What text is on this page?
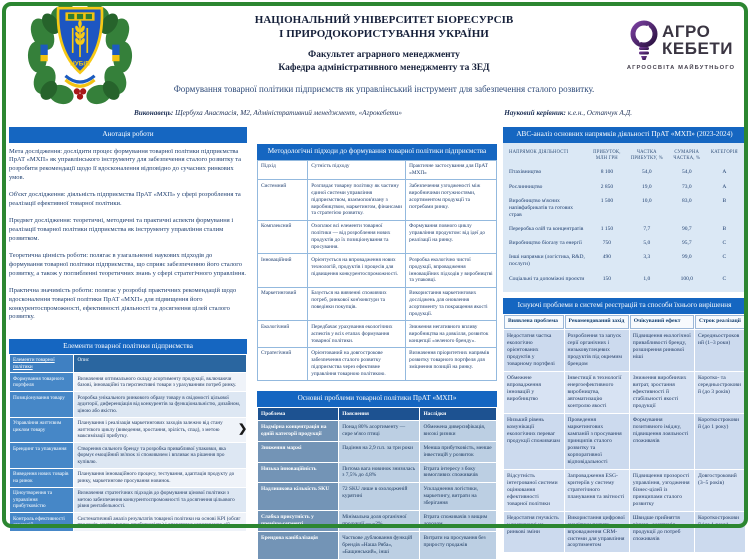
НУБіП
НАЦІОНАЛЬНИЙ УНІВЕРСИТЕТ БІОРЕСУРСІВ
І ПРИРОДОКОРИСТУВАННЯ УКРАЇНИ
Факультет аграрного менеджменту
Кафедра адміністративного менеджменту та ЗЕД
Формування товарної політики підприємств як управлінський інструмент для забезпечення сталого розвитку.
АГРО
КЕБЕТИ
АГРООСВІТА МАЙБУТНЬОГО
Виконавець: Щербуха Анастасія, М2, Адміністративний менеджмент, «Агрокебети»	Науковий керівник: к.е.н., Остапчук А.Д.
Анотація роботи

Мета дослідження: дослідити процес формування товарної політики підприємства ПрАТ «МХП» як управлінського інструменту для забезпечення сталого розвитку та розробити рекомендації щодо її вдосконалення відповідно до сучасних ринкових умов.

Об'єкт дослідження: діяльність підприємства ПрАТ «МХП» у сфері розроблення та реалізації ефективної товарної політики.

Предмет дослідження: теоретичні, методичні та практичні аспекти формування і реалізації товарної політики підприємства як інструменту управління сталим розвитком.

Теоретична цінність роботи: полягає в узагальненні наукових підходів до формування товарної політики підприємства, що сприяє забезпеченню його сталого розвитку, а також у поглибленні теоретичних знань у сфері стратегічного управління.

Практична значимість роботи: полягає у розробці практичних рекомендацій щодо вдосконалення товарної політики ПрАТ «МХП» для підвищення його конкурентоспроможності, ефективності діяльності та досягнення цілей сталого розвитку.

Елементи товарної політики підприємства
Елементи товарної політики	Опис
Формування товарного портфеля	Визначення оптимального складу асортименту продукції, включаючи базові, інноваційні та перспективні товари з урахуванням потреб ринку.
Позиціонування товару	Розробка унікального ринкового образу товару в свідомості цільової аудиторії, диференціація від конкурентів за функціональністю, дизайном, ціною або якістю.
Управління життєвим циклом товару	Планування і реалізація маркетингових заходів залежно від стану життєвого циклу (виведення, зростання, зрілість, спад), з метою максимізації прибутку.
Брендинг та упакування	Створення сильного бренду та розробка привабливої упаковки, яка формує емоційний зв'язок зі споживачем і впливає на рішення про купівлю.
Виведення нових товарів на ринок	Планування інноваційного процесу, тестування, адаптація продукту до ринку, маркетингове просування новинок.
Ціноутворення та управління прибутковістю	Визначення стратегічних підходів до формування цінової політики з метою забезпечення конкурентоспроможності та досягнення цільового рівня рентабельності.
Контроль ефективності стратегій	Систематичний аналіз результатів товарної політики на основі KPI (обсяг продажів, частка ринку, прибутковість) і оперативне коригування дій.
Методологічні підходи до формування товарної політики підприємства
Підхід	Сутність підходу	Практичне застосування для ПрАТ «МХП»
Системний	Розглядає товарну політику як частину єдиної системи управління підприємством, взаємопов'язану з виробництвом, маркетингом, фінансами та стратегією розвитку.	Забезпечення узгодженості між виробничими потужностями, асортиментом продукції та потребами ринку.
Комплексний	Охоплює всі елементи товарної політики — від розроблення нових продуктів до їх позиціонування та просування.	Формування повного циклу управління продуктом: від ідеї до реалізації на ринку.
Інноваційний	Орієнтується на впровадження нових технологій, продуктів і процесів для підвищення конкурентоспроможності.	Розробка екологічно чистої продукції, впровадження інноваційних підходів у виробництві та упаковці.
Маркетинговий	Базується на вивченні споживчих потреб, ринкової кон'юнктури та поведінки покупців.	Використання маркетингових досліджень для оновлення асортименту та покращення якості продукції.
Екологічний	Передбачає урахування екологічних аспектів у всіх етапах формування товарної політики.	Зниження негативного впливу виробництва на довкілля, розвиток концепції «зеленого бренду».
Стратегічний	Орієнтований на довгострокове забезпечення сталого розвитку підприємства через ефективне управління товарною політикою.	Визначення пріоритетних напрямів розвитку товарного портфеля для зміцнення позицій на ринку.
Основні проблеми товарної політики ПрАТ «МХП»
Проблема	Пояснення	Наслідки
Надмірна концентрація на одній категорії продукції	Понад 80% асортименту — сире м'ясо птиці	Обмежена диверсифікація, високі ризики
Зниження маржі	Падіння на 2,9 п.п. за три роки	Менша прибутковість, менше інвестицій у розвиток
Низька інноваційність	Питома вага новинок знизилась з 7,5% до 4,8%	Втрата інтересу з боку вимогливих споживачів
Надлишкова кількість SKU	72 SKU лише в охолодженій курятині	Ускладнення логістики, маркетингу, витрати на зберігання
Слабка присутність у преміум-сегменті	Мінімальна доля органічної продукції — ~2%	Втрата споживачів з вищим доходом
Брендова канібалізація	Часткове дублювання функцій брендів «Наша Ряба», «Бащинський», інші	Витрати на просування без приросту продажів
ABC-аналіз основних напрямків діяльності ПрАТ «МХП» (2023-2024)
НАПРЯМОК ДІЯЛЬНОСТІ	ПРИБУТОК, МЛН ГРН	ЧАСТКА ПРИБУТКУ, %	СУМАРНА ЧАСТКА, %	КАТЕГОРІЯ
Птахівництво	8 100	54,0	54,0	A
Рослинництво	2 850	19,0	73,0	A
Виробництво м'ясних напівфабрикатів та готових страв	1 500	10,0	83,0	B
Переробка олій та концентратів	1 150	7,7	90,7	B
Виробництво біогазу та енергії	750	5,0	95,7	C
Інші напрямки (логістика, R&D, послуги)	490	3,3	99,0	C
Соціальні та допоміжні проєкти	150	1,0	100,0	C
Існуючі проблеми в системі реєстрацій та способи їхнього вирішення
Виявлена проблема	Рекомендований захід	Очікуваний ефект	Строк реалізації
Недостатня частка екологічно орієнтованих продуктів у товарному портфелі	Розроблення та запуск серії органічних і низьковуглецевих продуктів під окремим брендом	Підвищення екологічної привабливості бренду, розширення ринкової ніші	Середньостроковий (1–3 роки)
Обмежене впровадження інновацій у виробництво	Інвестиції в технології енергоефективного виробництва, автоматизацію контролю якості	Зниження виробничих витрат, зростання ефективності й стабільності якості продукції	Коротко- та середньостроковий (до 3 років)
Низький рівень комунікації екологічних переваг продукції споживачам	Проведення маркетингових кампаній з просування принципів сталого розвитку та корпоративної відповідальності	Формування позитивного іміджу, підвищення лояльності споживачів	Короткостроковий (до 1 року)
Відсутність інтегрованої системи оцінювання ефективності товарної політики	Запровадження ESG-критеріїв у систему стратегічного планування та звітності	Підвищення прозорості управління, узгодження бізнес-цілей із принципами сталого розвитку	Довгостроковий (3–5 років)
Недостатня гнучкість у реагуванні на ринкові зміни	Використання цифрової аналітики попиту, впровадження CRM-системи для управління асортиментом	Швидше прийняття рішень, адаптація продукції до потреб споживачів	Короткостроковий (до 1 року)
❯
